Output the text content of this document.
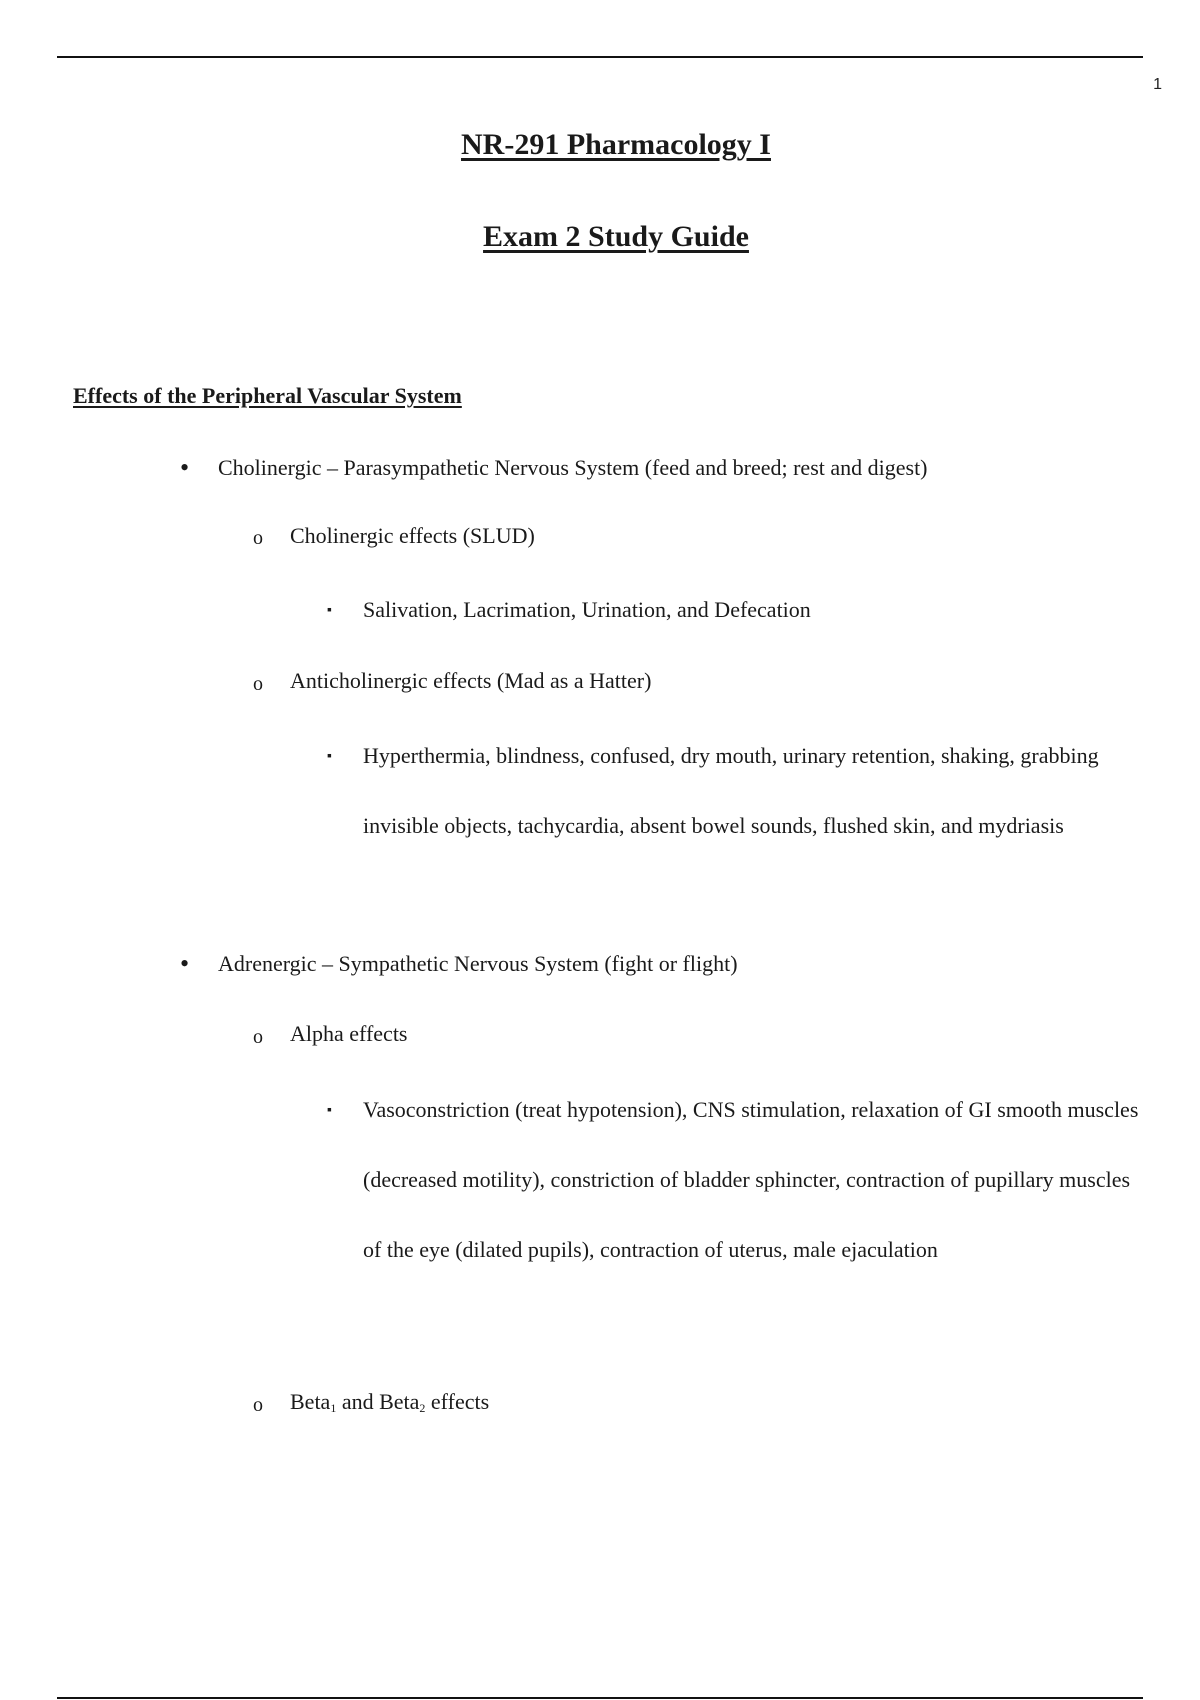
1
NR-291 Pharmacology I
Exam 2 Study Guide
Effects of the Peripheral Vascular System
• Cholinergic – Parasympathetic Nervous System (feed and breed; rest and digest)
o Cholinergic effects (SLUD)
▪ Salivation, Lacrimation, Urination, and Defecation
o Anticholinergic effects (Mad as a Hatter)
▪ Hyperthermia, blindness, confused, dry mouth, urinary retention, shaking, grabbing invisible objects, tachycardia, absent bowel sounds, flushed skin, and mydriasis
• Adrenergic – Sympathetic Nervous System (fight or flight)
o Alpha effects
▪ Vasoconstriction (treat hypotension), CNS stimulation, relaxation of GI smooth muscles (decreased motility), constriction of bladder sphincter, contraction of pupillary muscles of the eye (dilated pupils), contraction of uterus, male ejaculation
o Beta$_1$ and Beta$_2$ effects
